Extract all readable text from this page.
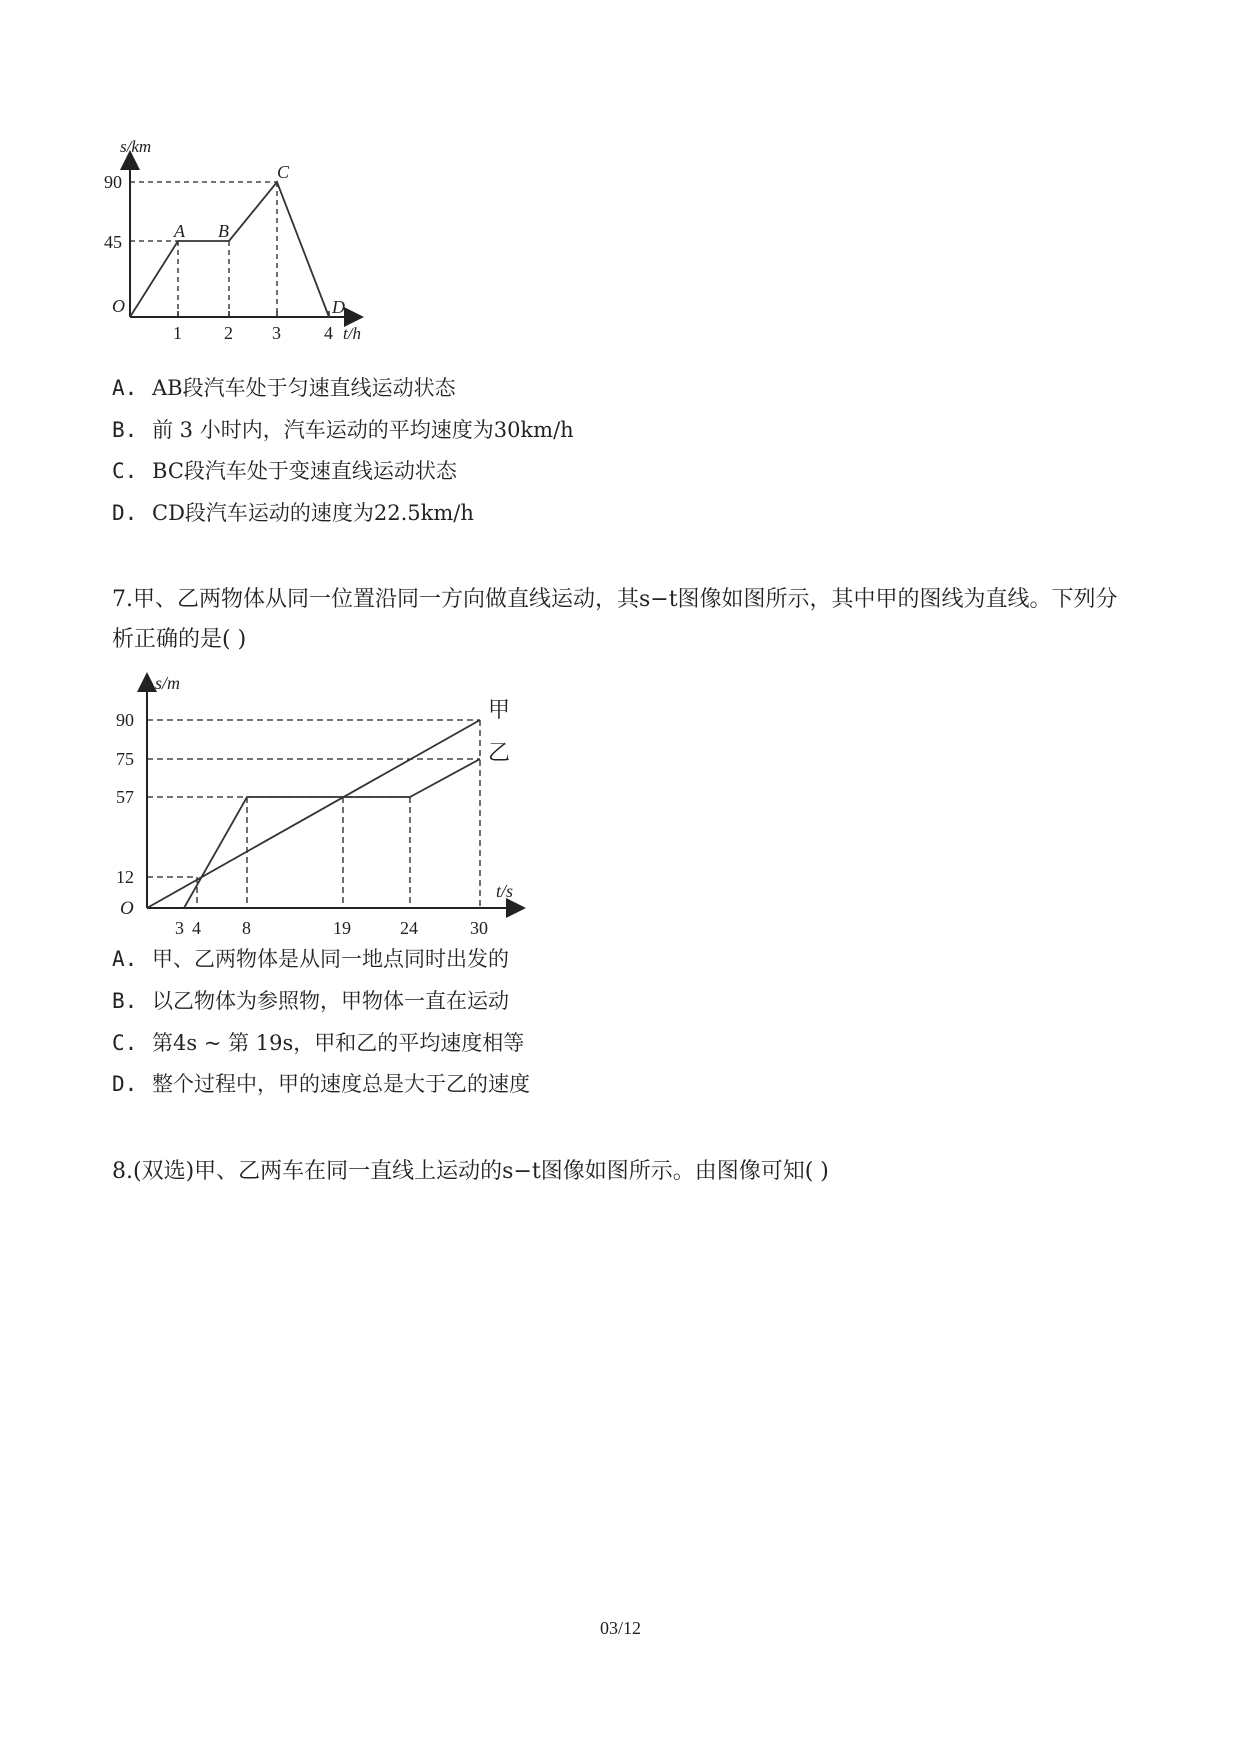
s/km
45
90
O
1 2 3 4 t/h
A B
C
D
A. AB段汽车处于匀速直线运动状态
B. 前 3 小时内，汽车运动的平均速度为30km/h
C. BC段汽车处于变速直线运动状态
D. CD段汽车运动的速度为22.5km/h
7.甲、乙两物体从同一位置沿同一方向做直线运动，其s−t图像如图所示，其中甲的图线为直线。下列分析正确的是( )
s/m
90
75
57
12
O
3 4 8	19	24	30
t/s
甲
乙
A. 甲、乙两物体是从同一地点同时出发的
B. 以乙物体为参照物，甲物体一直在运动
C. 第4s ~ 第 19s，甲和乙的平均速度相等
D. 整个过程中，甲的速度总是大于乙的速度
8.(双选)甲、乙两车在同一直线上运动的s−t图像如图所示。由图像可知( )
03/12
